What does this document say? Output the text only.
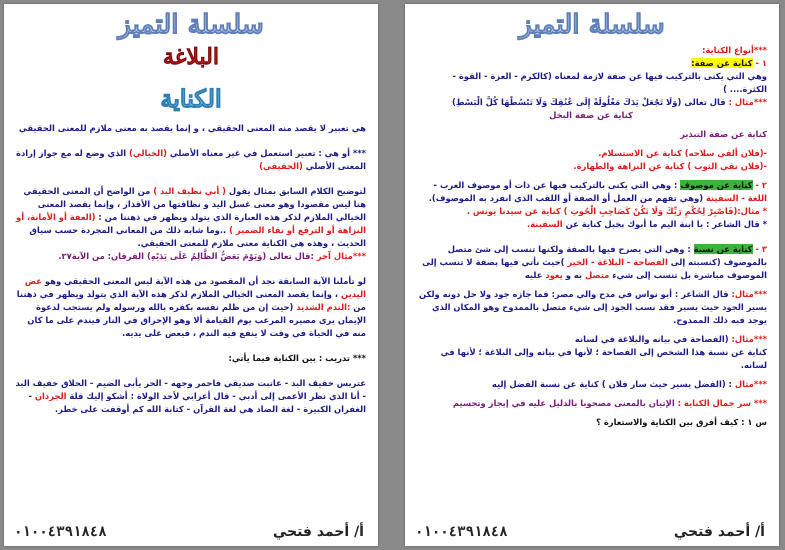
سلسلة التميز
البلاغة
الكناية

هي تعبير لا يقصد منه المعنى الحقيقي ، و إنما يقصد به معنى ملازم للمعنى الحقيقي

*** أو هي : تعبير استعمل في غير معناه الأصلي (الخيالي) الذي وضع له مع جواز إرادة المعنى الأصلي (الحقيقي)

لتوضيح الكلام السابق بمثال يقول ( أبي نظيف اليد ) من الواضح أن المعنى الحقيقي هنا ليس مقصودا وهو معنى غسل اليد و نظافتها من الأقذار ، وإنما يقصد المعنى الخيالي الملازم لذكر هذه العبارة الذي يتولد ويظهر في ذهننا من : (العفة أو الأمانة، أو النزاهة أو الترفع أو نقاء الضمير ) ..وما شابه ذلك من المعاني المجردة حسب سياق الحديث ، وهذه هي الكناية معنى ملازم للمعنى الحقيقي.

***مثال آخر :قال تعالى (وَيَوْمَ يَعَضُّ الظَّالِمُ عَلَى يَدَيْهِ) الفرقان: من الآية٢٧.

لو تأملنا الآية السابقة نجد أن المقصود من هذه الآية ليس المعنى الحقيقي وهو عض اليدين ، وإنما يقصد المعنى الخيالي الملازم لذكر هذه الآية الذي يتولد ويظهر في ذهننا من :الندم الشديد (حيث إن من ظلم نفسه بكفره بالله ورسوله ولم يستجب لدعوة الإيمان يرى مصيره المرعب يوم القيامة ألا وهو الإحراق في النار فيندم على ما كان منه في الحياة في وقت لا ينفع فيه الندم ، فيعض على يديه.

*** تدريب : بين الكناية فيما يأتي:

عتريس خفيف اليد - عاتبت صديقي فاحمر وجهه - الحر يأبى الضيم - الحلاق خفيف اليد - أنا الذي نظر الأعمى إلى أدبي - قال أعرابي لأحد الولاة : أشكو إليك قلة الجرذان - الغفران الكبيرة - لغة الضاد هي لغة القرآن - كتابة الله كم أوقفت على خطر.

٠١٠٠٤٣٩١٨٤٨	أ/ أحمد فتحي
سلسلة التميز

***أنواع الكناية:

١ - كناية عن صفة:

وهي التي يكنى بالتركيب فيها عن صفة لازمة لمعناه (كالكرم - العزة - القوة - الكثرة.... )

***مثال : قال تعالى (وَلَا تَجْعَلْ يَدَكَ مَغْلُولَةً إِلَى عُنُقِكَ وَلَا تَبْسُطْهَا كُلَّ الْبَسْطِ)

كناية عن صفة البخل

كناية عن صفة التبذير

-(فلان ألقى سلاحه) كناية عن الاستسلام.

-(فلان نقي الثوب ) كناية عن النزاهة والطهارة.

٢ - كناية عن موصوف : وهي التي يكنى بالتركيب فيها عن ذات أو موصوف العرب - اللغة - السفينة (وهي تفهم من العمل أو الصفة أو اللقب الذي انفرد به الموصوف).

* مثال:(فَاصْبِرْ لِحُكْمِ رَبِّكَ وَلَا تَكُنْ كَصَاحِبِ الْحُوتِ ) كناية عن سيدنا يونس .

* قال الشاعر : يا ابنة اليم ما أبوك بخيل كناية عن السفينة.

٣ - كناية عن نسبة : وهي التي يصرح فيها بالصفة ولكنها تنسب إلى شئ متصل بالموصوف (كنسبته إلى الفصاحة - البلاغة - الخير )حيث نأتي فيها بصفة لا تنسب إلى الموصوف مباشرة بل تنسب إلى شيء متصل به و يعود عليه

***مثال: قال الشاعر : أبو نواس في مدح والي مصر: فما جازه جود ولا حل دونه ولكن يسير الجود حيث يسير فقد نسب الجود إلى شيء متصل بالممدوح وهو المكان الذي يوجد فيه ذلك الممدوح.

***مثال: (الفصاحة في بيانه والبلاغة في لسانه

كناية عن نسبة هذا الشخص إلى الفصاحة ؛ لأنها في بيانه وإلى البلاغة ؛ لأنها في لسانه.

***مثال : (الفضل يسير حيث سار فلان ) كناية عن نسبة الفضل إليه

*** سر جمال الكناية : الإتيان بالمعنى مصحوبا بالدليل عليه في إيجاز وتجسيم

س ١ : كيف أفرق بين الكناية والاستعارة ؟

٠١٠٠٤٣٩١٨٤٨	أ/ أحمد فتحي
